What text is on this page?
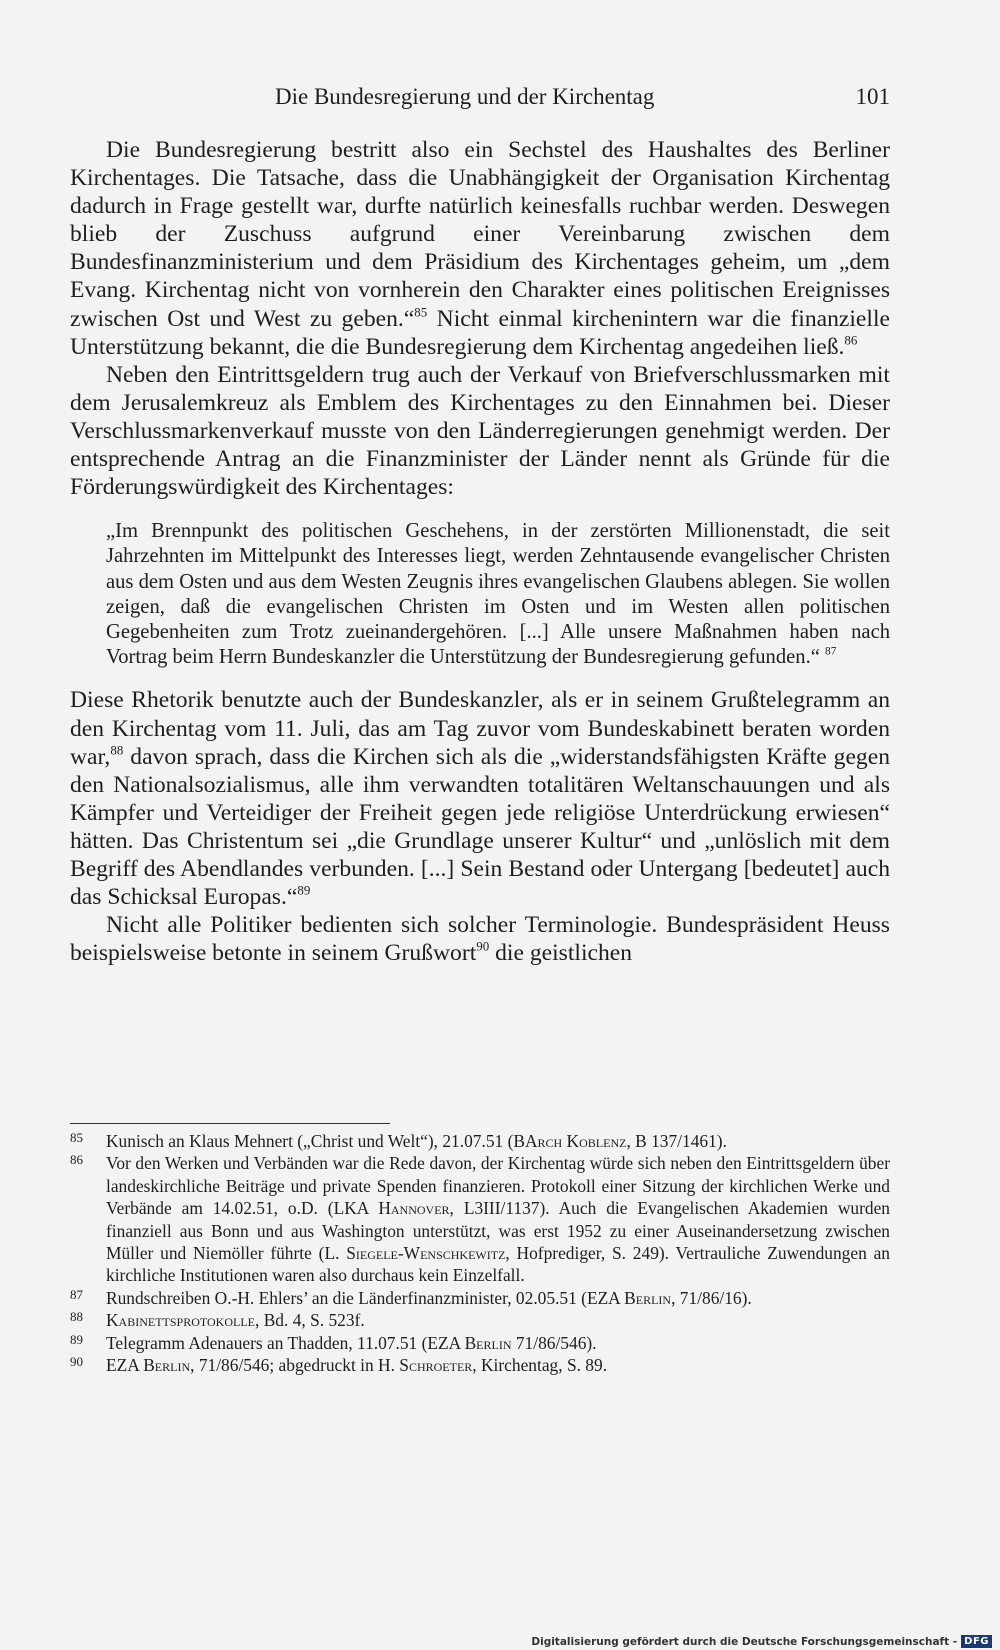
Die Bundesregierung und der Kirchentag	101

Die Bundesregierung bestritt also ein Sechstel des Haushaltes des Berliner Kirchentages. Die Tatsache, dass die Unabhängigkeit der Organisation Kirchentag dadurch in Frage gestellt war, durfte natürlich keinesfalls ruchbar werden. Deswegen blieb der Zuschuss aufgrund einer Vereinbarung zwischen dem Bundesfinanzministerium und dem Präsidium des Kirchentages geheim, um „dem Evang. Kirchentag nicht von vornherein den Charakter eines politischen Ereignisses zwischen Ost und West zu geben.“$^{85}$ Nicht einmal kirchenintern war die finanzielle Unterstützung bekannt, die die Bundesregierung dem Kirchentag angedeihen ließ.$^{86}$

Neben den Eintrittsgeldern trug auch der Verkauf von Briefverschlussmarken mit dem Jerusalemkreuz als Emblem des Kirchentages zu den Einnahmen bei. Dieser Verschlussmarkenverkauf musste von den Länderregierungen genehmigt werden. Der entsprechende Antrag an die Finanzminister der Länder nennt als Gründe für die Förderungswürdigkeit des Kirchentages:

„Im Brennpunkt des politischen Geschehens, in der zerstörten Millionenstadt, die seit Jahrzehnten im Mittelpunkt des Interesses liegt, werden Zehntausende evangelischer Christen aus dem Osten und aus dem Westen Zeugnis ihres evangelischen Glaubens ablegen. Sie wollen zeigen, daß die evangelischen Christen im Osten und im Westen allen politischen Gegebenheiten zum Trotz zueinandergehören. [...] Alle unsere Maßnahmen haben nach Vortrag beim Herrn Bundeskanzler die Unterstützung der Bundesregierung gefunden.“ $^{87}$

Diese Rhetorik benutzte auch der Bundeskanzler, als er in seinem Grußtelegramm an den Kirchentag vom 11. Juli, das am Tag zuvor vom Bundeskabinett beraten worden war,$^{88}$ davon sprach, dass die Kirchen sich als die „widerstandsfähigsten Kräfte gegen den Nationalsozialismus, alle ihm verwandten totalitären Weltanschauungen und als Kämpfer und Verteidiger der Freiheit gegen jede religiöse Unterdrückung erwiesen“ hätten. Das Christentum sei „die Grundlage unserer Kultur“ und „unlöslich mit dem Begriff des Abendlandes verbunden. [...] Sein Bestand oder Untergang [bedeutet] auch das Schicksal Europas.“$^{89}$

Nicht alle Politiker bedienten sich solcher Terminologie. Bundespräsident Heuss beispielsweise betonte in seinem Grußwort$^{90}$ die geistlichen

85 Kunisch an Klaus Mehnert („Christ und Welt“), 21.07.51 (BArch Koblenz, B 137/1461).
86 Vor den Werken und Verbänden war die Rede davon, der Kirchentag würde sich neben den Eintrittsgeldern über landeskirchliche Beiträge und private Spenden finanzieren. Protokoll einer Sitzung der kirchlichen Werke und Verbände am 14.02.51, o.D. (LKA Hannover, L3III/1137). Auch die Evangelischen Akademien wurden finanziell aus Bonn und aus Washington unterstützt, was erst 1952 zu einer Auseinandersetzung zwischen Müller und Niemöller führte (L. Siegele-Wenschkewitz, Hofprediger, S. 249). Vertrauliche Zuwendungen an kirchliche Institutionen waren also durchaus kein Einzelfall.
87 Rundschreiben O.-H. Ehlers’ an die Länderfinanzminister, 02.05.51 (EZA Berlin, 71/86/16).
88 Kabinettsprotokolle, Bd. 4, S. 523f.
89 Telegramm Adenauers an Thadden, 11.07.51 (EZA Berlin 71/86/546).
90 EZA Berlin, 71/86/546; abgedruckt in H. Schroeter, Kirchentag, S. 89.
Digitalisierung gefördert durch die Deutsche Forschungsgemeinschaft - DFG
